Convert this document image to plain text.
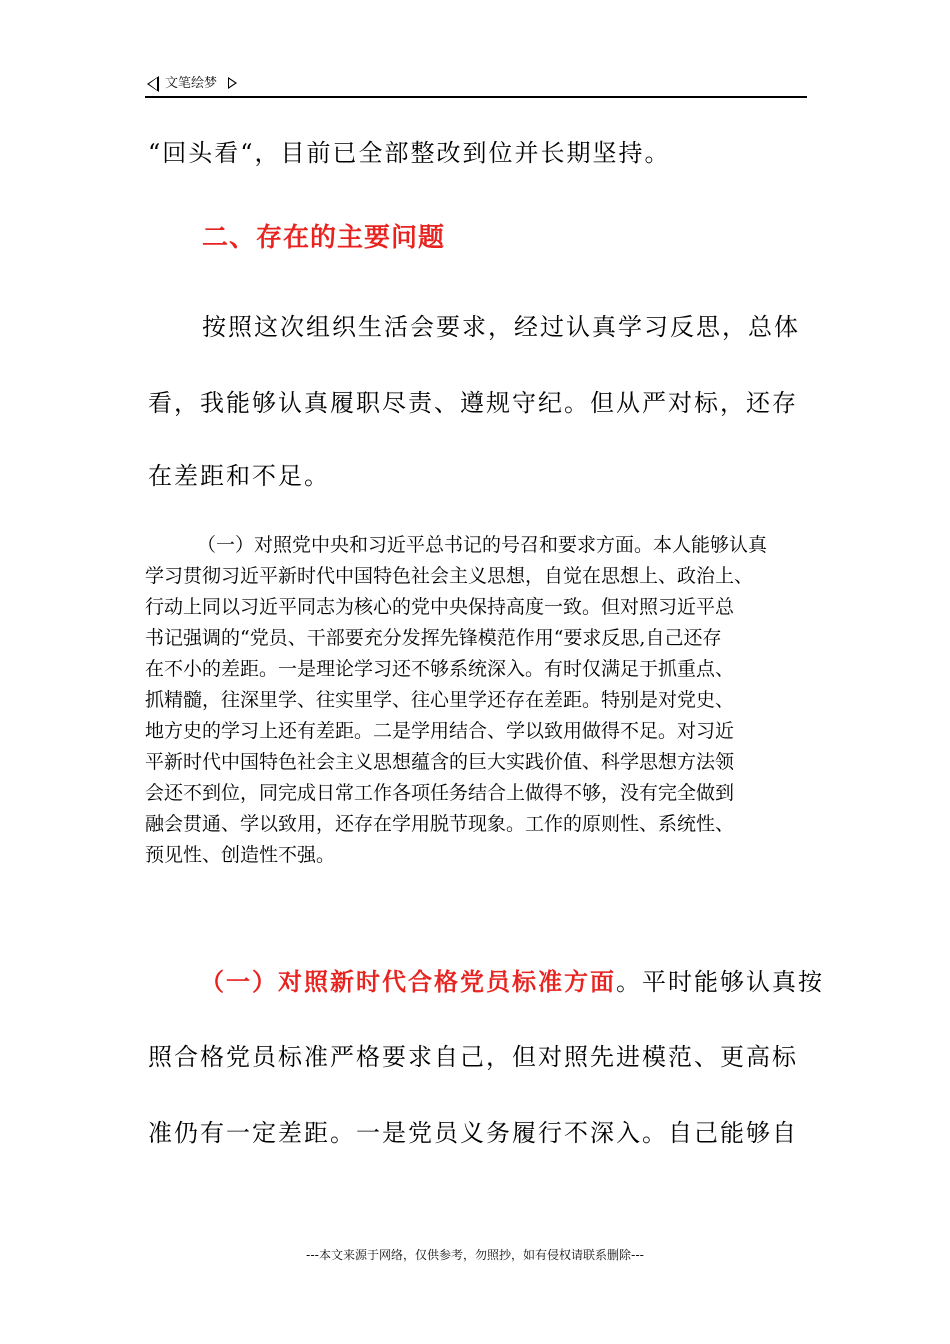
文笔绘梦
“回头看“，目前已全部整改到位并长期坚持。
二、存在的主要问题
按照这次组织生活会要求，经过认真学习反思，总体
看，我能够认真履职尽责、遵规守纪。但从严对标，还存
在差距和不足。
（一）对照党中央和习近平总书记的号召和要求方面。本人能够认真
学习贯彻习近平新时代中国特色社会主义思想，自觉在思想上、政治上、
行动上同以习近平同志为核心的党中央保持高度一致。但对照习近平总
书记强调的“党员、干部要充分发挥先锋模范作用“要求反思,自己还存
在不小的差距。一是理论学习还不够系统深入。有时仅满足于抓重点、
抓精髓，往深里学、往实里学、往心里学还存在差距。特别是对党史、
地方史的学习上还有差距。二是学用结合、学以致用做得不足。对习近
平新时代中国特色社会主义思想蕴含的巨大实践价值、科学思想方法领
会还不到位，同完成日常工作各项任务结合上做得不够，没有完全做到
融会贯通、学以致用，还存在学用脱节现象。工作的原则性、系统性、
预见性、创造性不强。
（一）对照新时代合格党员标准方面。平时能够认真按
照合格党员标准严格要求自己，但对照先进模范、更高标
准仍有一定差距。一是党员义务履行不深入。自己能够自
---本文来源于网络，仅供参考，勿照抄，如有侵权请联系删除---
